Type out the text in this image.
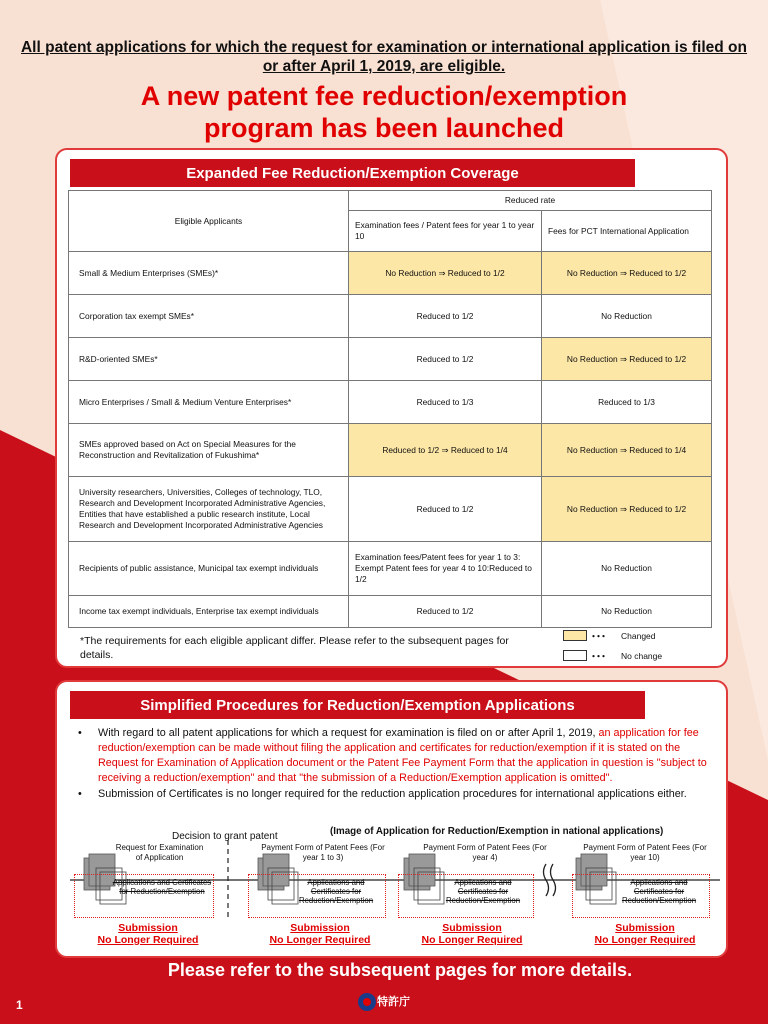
All patent applications for which the request for examination or international application is filed on or after April 1, 2019, are eligible.
A new patent fee reduction/exemption
program has been launched
Expanded Fee Reduction/Exemption Coverage
Eligible Applicants	Reduced rate	
	Examination fees / Patent fees for year 1 to year 10	Fees for PCT International Application
Small & Medium Enterprises (SMEs)*	No Reduction ⇒ Reduced to 1/2	No Reduction ⇒ Reduced to 1/2
Corporation tax exempt SMEs*	Reduced to 1/2	No Reduction
R&D-oriented SMEs*	Reduced to 1/2	No Reduction ⇒ Reduced to 1/2
Micro Enterprises / Small & Medium Venture Enterprises*	Reduced to 1/3	Reduced to 1/3
SMEs approved based on Act on Special Measures for the Reconstruction and Revitalization of Fukushima*	Reduced to 1/2 ⇒ Reduced to 1/4	No Reduction ⇒ Reduced to 1/4
University researchers, Universities, Colleges of technology, TLO, Research and Development Incorporated Administrative Agencies, Entities that have established a public research institute, Local Research and Development Incorporated Administrative Agencies	Reduced to 1/2	No Reduction ⇒ Reduced to 1/2
Recipients of public assistance, Municipal tax exempt individuals	Examination fees/Patent fees for year 1 to 3: Exempt Patent fees for year 4 to 10:Reduced to 1/2	No Reduction
Income tax exempt individuals, Enterprise tax exempt individuals	Reduced to 1/2	No Reduction
*The requirements for each eligible applicant differ. Please refer to the subsequent pages for details.
･･･ Changed
･･･ No change
Simplified Procedures for Reduction/Exemption Applications
• With regard to all patent applications for which a request for examination is filed on or after April 1, 2019, an application for fee reduction/exemption can be made without filing the application and certificates for reduction/exemption if it is stated on the Request for Examination of Application document or the Patent Fee Payment Form that the application in question is "subject to receiving a reduction/exemption" and that "the submission of a Reduction/Exemption application is omitted".
• Submission of Certificates is no longer required for the reduction application procedures for international applications either.
(Image of Application for Reduction/Exemption in national applications)
Decision to grant patent
Request for Examination of Application
Payment Form of Patent Fees (For year 1 to 3)
Payment Form of Patent Fees (For year 4)
Payment Form of Patent Fees (For year 10)
Applications and Certificates for Reduction/Exemption
Applications and Certificates for Reduction/Exemption
Applications and Certificates for Reduction/Exemption
Applications and Certificates for Reduction/Exemption
Submission
No Longer Required
Submission
No Longer Required
Submission
No Longer Required
Submission
No Longer Required
Please refer to the subsequent pages for more details.
1	特許庁
